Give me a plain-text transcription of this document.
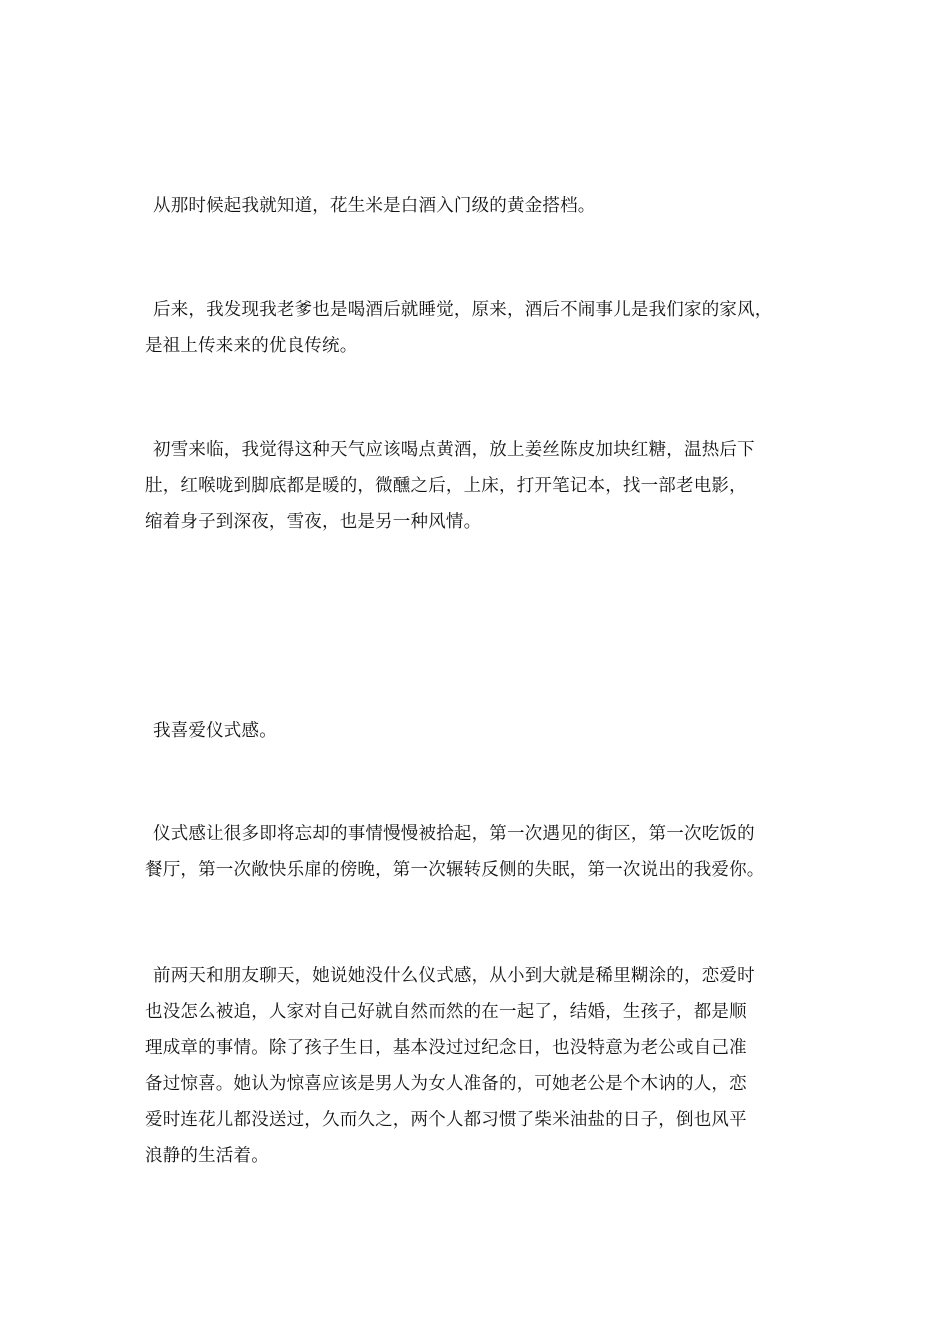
从那时候起我就知道，花生米是白酒入门级的黄金搭档。

后来，我发现我老爹也是喝酒后就睡觉，原来，酒后不闹事儿是我们家的家风，
是祖上传来来的优良传统。

初雪来临，我觉得这种天气应该喝点黄酒，放上姜丝陈皮加块红糖，温热后下
肚，红喉咙到脚底都是暖的，微醺之后，上床，打开笔记本，找一部老电影，
缩着身子到深夜，雪夜，也是另一种风情。

我喜爱仪式感。

仪式感让很多即将忘却的事情慢慢被拾起，第一次遇见的街区，第一次吃饭的
餐厅，第一次敞快乐扉的傍晚，第一次辗转反侧的失眠，第一次说出的我爱你。

前两天和朋友聊天，她说她没什么仪式感，从小到大就是稀里糊涂的，恋爱时
也没怎么被追，人家对自己好就自然而然的在一起了，结婚，生孩子，都是顺
理成章的事情。除了孩子生日，基本没过过纪念日，也没特意为老公或自己准
备过惊喜。她认为惊喜应该是男人为女人准备的，可她老公是个木讷的人，恋
爱时连花儿都没送过，久而久之，两个人都习惯了柴米油盐的日子，倒也风平
浪静的生活着。
